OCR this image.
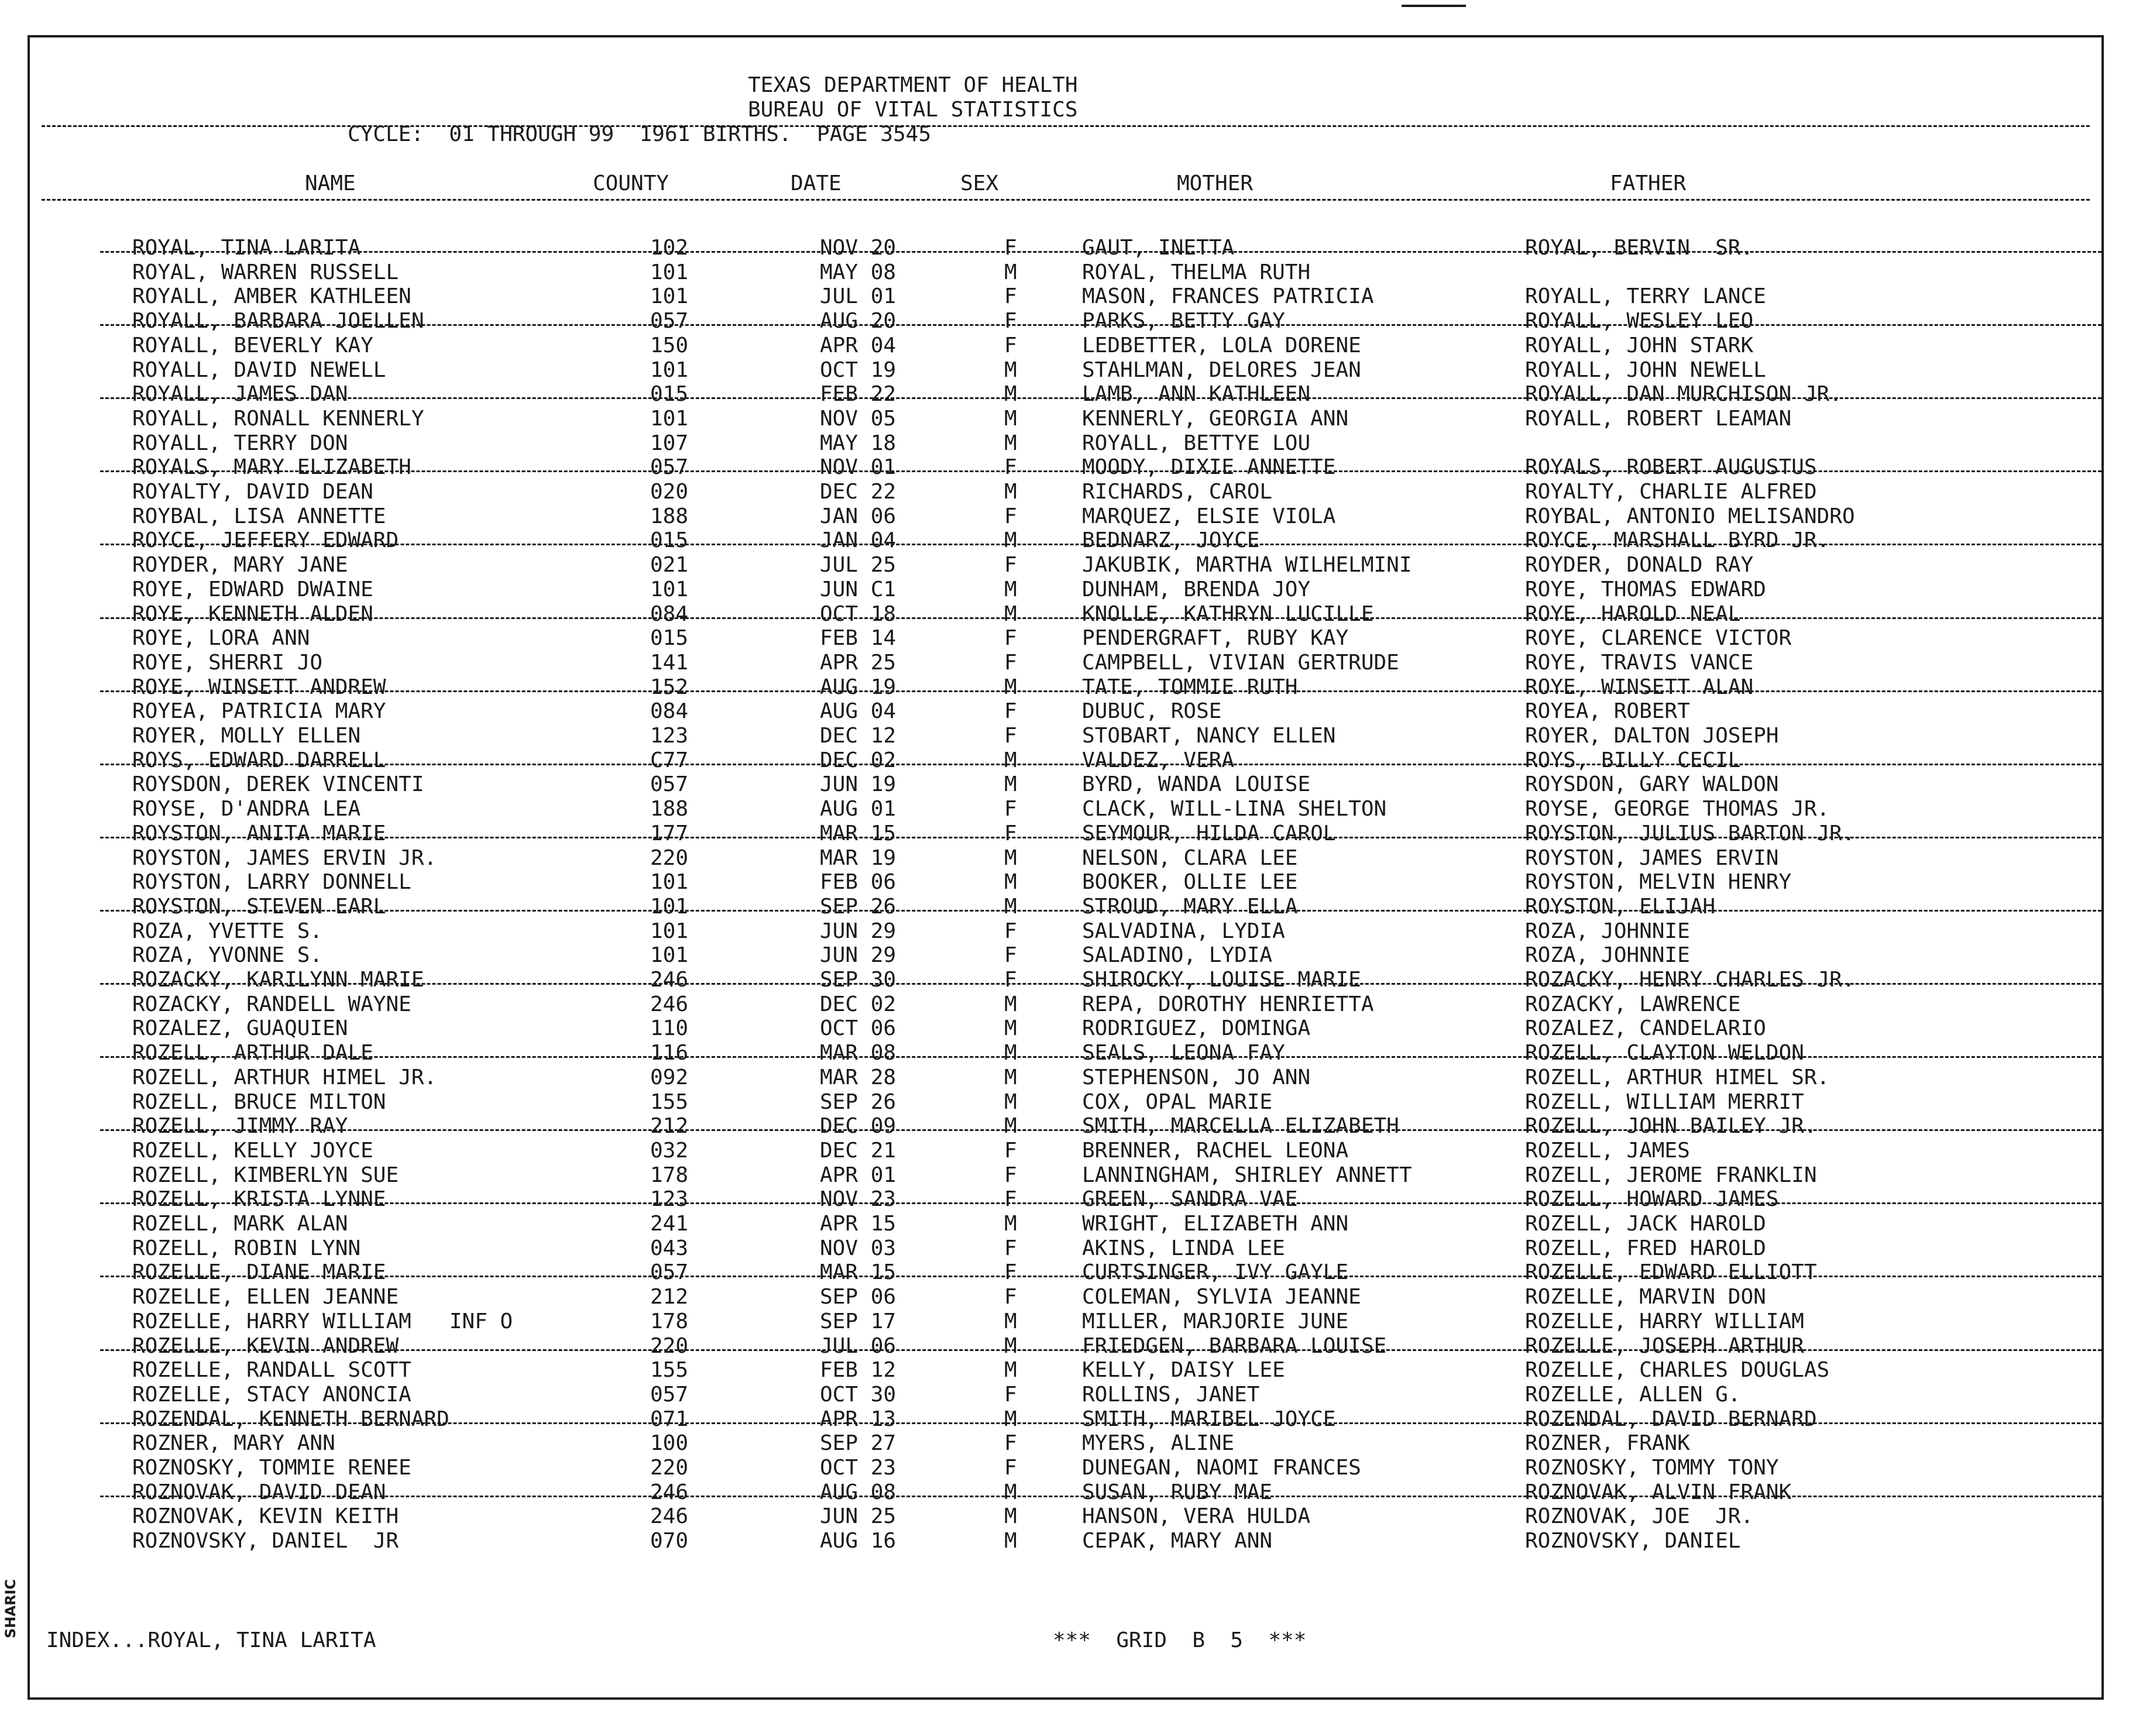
TEXAS DEPARTMENT OF HEALTH
BUREAU OF VITAL STATISTICS
CYCLE:  01 THROUGH 99  1961 BIRTHS.  PAGE 3545
NAME	COUNTY	DATE	SEX	MOTHER	FATHER
ROYAL, TINA LARITA	102	NOV 20	F	GAUT, INETTA	ROYAL, BERVIN  SR.
ROYAL, WARREN RUSSELL	101	MAY 08	M	ROYAL, THELMA RUTH
ROYALL, AMBER KATHLEEN	101	JUL 01	F	MASON, FRANCES PATRICIA	ROYALL, TERRY LANCE
ROYALL, BARBARA JOELLEN	057	AUG 20	F	PARKS, BETTY GAY	ROYALL, WESLEY LEO
ROYALL, BEVERLY KAY	150	APR 04	F	LEDBETTER, LOLA DORENE	ROYALL, JOHN STARK
ROYALL, DAVID NEWELL	101	OCT 19	M	STAHLMAN, DELORES JEAN	ROYALL, JOHN NEWELL
ROYALL, JAMES DAN	015	FEB 22	M	LAMB, ANN KATHLEEN	ROYALL, DAN MURCHISON JR.
ROYALL, RONALL KENNERLY	101	NOV 05	M	KENNERLY, GEORGIA ANN	ROYALL, ROBERT LEAMAN
ROYALL, TERRY DON	107	MAY 18	M	ROYALL, BETTYE LOU
ROYALS, MARY ELIZABETH	057	NOV 01	F	MOODY, DIXIE ANNETTE	ROYALS, ROBERT AUGUSTUS
ROYALTY, DAVID DEAN	020	DEC 22	M	RICHARDS, CAROL	ROYALTY, CHARLIE ALFRED
ROYBAL, LISA ANNETTE	188	JAN 06	F	MARQUEZ, ELSIE VIOLA	ROYBAL, ANTONIO MELISANDRO
ROYCE, JEFFERY EDWARD	015	JAN 04	M	BEDNARZ, JOYCE	ROYCE, MARSHALL BYRD JR.
ROYDER, MARY JANE	021	JUL 25	F	JAKUBIK, MARTHA WILHELMINI	ROYDER, DONALD RAY
ROYE, EDWARD DWAINE	101	JUN C1	M	DUNHAM, BRENDA JOY	ROYE, THOMAS EDWARD
ROYE, KENNETH ALDEN	084	OCT 18	M	KNOLLE, KATHRYN LUCILLE	ROYE, HAROLD NEAL
ROYE, LORA ANN	015	FEB 14	F	PENDERGRAFT, RUBY KAY	ROYE, CLARENCE VICTOR
ROYE, SHERRI JO	141	APR 25	F	CAMPBELL, VIVIAN GERTRUDE	ROYE, TRAVIS VANCE
ROYE, WINSETT ANDREW	152	AUG 19	M	TATE, TOMMIE RUTH	ROYE, WINSETT ALAN
ROYEA, PATRICIA MARY	084	AUG 04	F	DUBUC, ROSE	ROYEA, ROBERT
ROYER, MOLLY ELLEN	123	DEC 12	F	STOBART, NANCY ELLEN	ROYER, DALTON JOSEPH
ROYS, EDWARD DARRELL	C77	DEC 02	M	VALDEZ, VERA	ROYS, BILLY CECIL
ROYSDON, DEREK VINCENTI	057	JUN 19	M	BYRD, WANDA LOUISE	ROYSDON, GARY WALDON
ROYSE, D'ANDRA LEA	188	AUG 01	F	CLACK, WILL-LINA SHELTON	ROYSE, GEORGE THOMAS JR.
ROYSTON, ANITA MARIE	177	MAR 15	F	SEYMOUR, HILDA CAROL	ROYSTON, JULIUS BARTON JR.
ROYSTON, JAMES ERVIN JR.	220	MAR 19	M	NELSON, CLARA LEE	ROYSTON, JAMES ERVIN
ROYSTON, LARRY DONNELL	101	FEB 06	M	BOOKER, OLLIE LEE	ROYSTON, MELVIN HENRY
ROYSTON, STEVEN EARL	101	SEP 26	M	STROUD, MARY ELLA	ROYSTON, ELIJAH
ROZA, YVETTE S.	101	JUN 29	F	SALVADINA, LYDIA	ROZA, JOHNNIE
ROZA, YVONNE S.	101	JUN 29	F	SALADINO, LYDIA	ROZA, JOHNNIE
ROZACKY, KARILYNN MARIE	246	SEP 30	F	SHIROCKY, LOUISE MARIE	ROZACKY, HENRY CHARLES JR.
ROZACKY, RANDELL WAYNE	246	DEC 02	M	REPA, DOROTHY HENRIETTA	ROZACKY, LAWRENCE
ROZALEZ, GUAQUIEN	110	OCT 06	M	RODRIGUEZ, DOMINGA	ROZALEZ, CANDELARIO
ROZELL, ARTHUR DALE	116	MAR 08	M	SEALS, LEONA FAY	ROZELL, CLAYTON WELDON
ROZELL, ARTHUR HIMEL JR.	092	MAR 28	M	STEPHENSON, JO ANN	ROZELL, ARTHUR HIMEL SR.
ROZELL, BRUCE MILTON	155	SEP 26	M	COX, OPAL MARIE	ROZELL, WILLIAM MERRIT
ROZELL, JIMMY RAY	212	DEC 09	M	SMITH, MARCELLA ELIZABETH	ROZELL, JOHN BAILEY JR.
ROZELL, KELLY JOYCE	032	DEC 21	F	BRENNER, RACHEL LEONA	ROZELL, JAMES
ROZELL, KIMBERLYN SUE	178	APR 01	F	LANNINGHAM, SHIRLEY ANNETT	ROZELL, JEROME FRANKLIN
ROZELL, KRISTA LYNNE	123	NOV 23	F	GREEN, SANDRA VAE	ROZELL, HOWARD JAMES
ROZELL, MARK ALAN	241	APR 15	M	WRIGHT, ELIZABETH ANN	ROZELL, JACK HAROLD
ROZELL, ROBIN LYNN	043	NOV 03	F	AKINS, LINDA LEE	ROZELL, FRED HAROLD
ROZELLE, DIANE MARIE	057	MAR 15	F	CURTSINGER, IVY GAYLE	ROZELLE, EDWARD ELLIOTT
ROZELLE, ELLEN JEANNE	212	SEP 06	F	COLEMAN, SYLVIA JEANNE	ROZELLE, MARVIN DON
ROZELLE, HARRY WILLIAM   INF O	178	SEP 17	M	MILLER, MARJORIE JUNE	ROZELLE, HARRY WILLIAM
ROZELLE, KEVIN ANDREW	220	JUL 06	M	FRIEDGEN, BARBARA LOUISE	ROZELLE, JOSEPH ARTHUR
ROZELLE, RANDALL SCOTT	155	FEB 12	M	KELLY, DAISY LEE	ROZELLE, CHARLES DOUGLAS
ROZELLE, STACY ANONCIA	057	OCT 30	F	ROLLINS, JANET	ROZELLE, ALLEN G.
ROZENDAL, KENNETH BERNARD	071	APR 13	M	SMITH, MARIBEL JOYCE	ROZENDAL, DAVID BERNARD
ROZNER, MARY ANN	100	SEP 27	F	MYERS, ALINE	ROZNER, FRANK
ROZNOSKY, TOMMIE RENEE	220	OCT 23	F	DUNEGAN, NAOMI FRANCES	ROZNOSKY, TOMMY TONY
ROZNOVAK, DAVID DEAN	246	AUG 08	M	SUSAN, RUBY MAE	ROZNOVAK, ALVIN FRANK
ROZNOVAK, KEVIN KEITH	246	JUN 25	M	HANSON, VERA HULDA	ROZNOVAK, JOE  JR.
ROZNOVSKY, DANIEL  JR	070	AUG 16	M	CEPAK, MARY ANN	ROZNOVSKY, DANIEL
INDEX...ROYAL, TINA LARITA	***  GRID  B  5  ***
SHARIC
